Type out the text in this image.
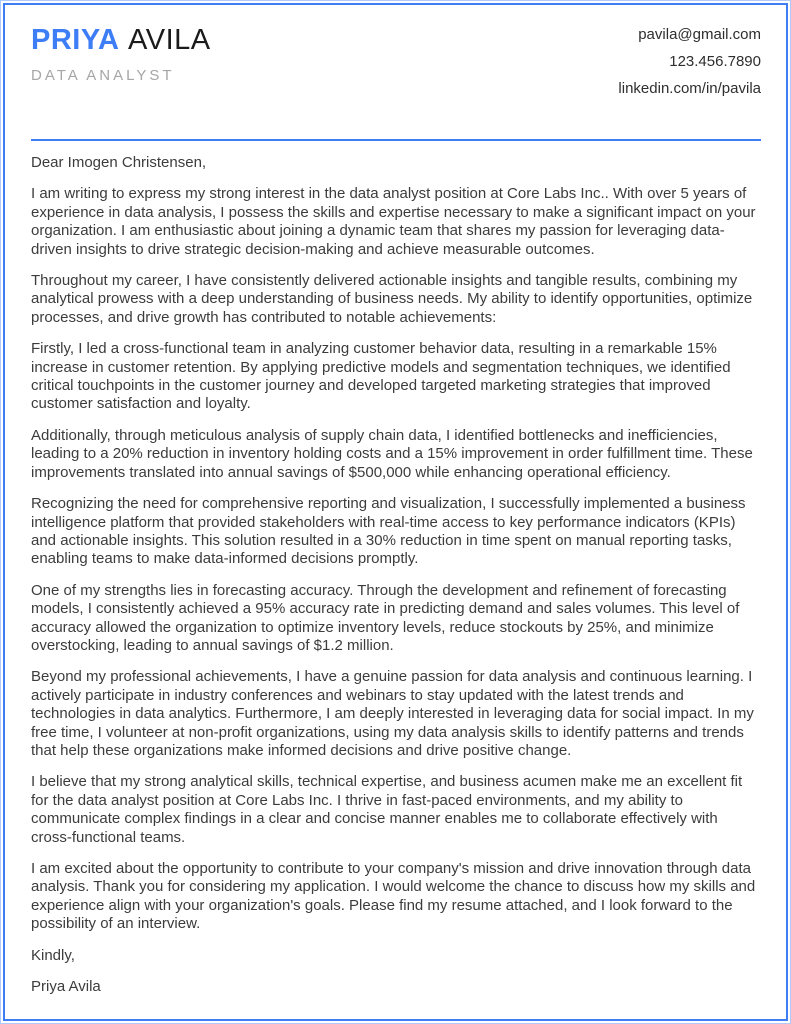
PRIYA AVILA
DATA ANALYST
pavila@gmail.com
123.456.7890
linkedin.com/in/pavila

Dear Imogen Christensen,

I am writing to express my strong interest in the data analyst position at Core Labs Inc.. With over 5 years of experience in data analysis, I possess the skills and expertise necessary to make a significant impact on your organization. I am enthusiastic about joining a dynamic team that shares my passion for leveraging data-driven insights to drive strategic decision-making and achieve measurable outcomes.

Throughout my career, I have consistently delivered actionable insights and tangible results, combining my analytical prowess with a deep understanding of business needs. My ability to identify opportunities, optimize processes, and drive growth has contributed to notable achievements:

Firstly, I led a cross-functional team in analyzing customer behavior data, resulting in a remarkable 15% increase in customer retention. By applying predictive models and segmentation techniques, we identified critical touchpoints in the customer journey and developed targeted marketing strategies that improved customer satisfaction and loyalty.

Additionally, through meticulous analysis of supply chain data, I identified bottlenecks and inefficiencies, leading to a 20% reduction in inventory holding costs and a 15% improvement in order fulfillment time. These improvements translated into annual savings of $500,000 while enhancing operational efficiency.

Recognizing the need for comprehensive reporting and visualization, I successfully implemented a business intelligence platform that provided stakeholders with real-time access to key performance indicators (KPIs) and actionable insights. This solution resulted in a 30% reduction in time spent on manual reporting tasks, enabling teams to make data-informed decisions promptly.

One of my strengths lies in forecasting accuracy. Through the development and refinement of forecasting models, I consistently achieved a 95% accuracy rate in predicting demand and sales volumes. This level of accuracy allowed the organization to optimize inventory levels, reduce stockouts by 25%, and minimize overstocking, leading to annual savings of $1.2 million.

Beyond my professional achievements, I have a genuine passion for data analysis and continuous learning. I actively participate in industry conferences and webinars to stay updated with the latest trends and technologies in data analytics. Furthermore, I am deeply interested in leveraging data for social impact. In my free time, I volunteer at non-profit organizations, using my data analysis skills to identify patterns and trends that help these organizations make informed decisions and drive positive change.

I believe that my strong analytical skills, technical expertise, and business acumen make me an excellent fit for the data analyst position at Core Labs Inc. I thrive in fast-paced environments, and my ability to communicate complex findings in a clear and concise manner enables me to collaborate effectively with cross-functional teams.

I am excited about the opportunity to contribute to your company's mission and drive innovation through data analysis. Thank you for considering my application. I would welcome the chance to discuss how my skills and experience align with your organization's goals. Please find my resume attached, and I look forward to the possibility of an interview.

Kindly,

Priya Avila
